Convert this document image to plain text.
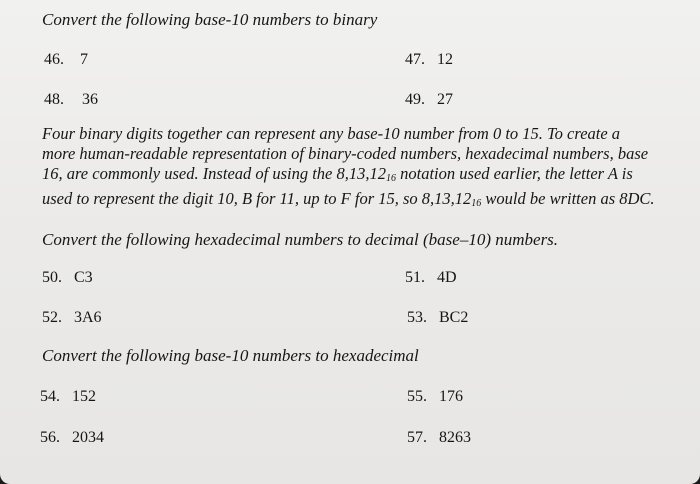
Convert the following base-10 numbers to binary
46. 7	47. 12
48. 36	49. 27
Four binary digits together can represent any base-10 number from 0 to 15. To create a
more human-readable representation of binary-coded numbers, hexadecimal numbers, base
16, are commonly used. Instead of using the $8,13,12_{16}$ notation used earlier, the letter A is
used to represent the digit 10, B for 11, up to F for 15, so $8,13,12_{16}$ would be written as 8DC.
Convert the following hexadecimal numbers to decimal (base–10) numbers.
50. C3	51. 4D
52. 3A6	53. BC2
Convert the following base-10 numbers to hexadecimal
54. 152	55. 176
56. 2034	57. 8263
